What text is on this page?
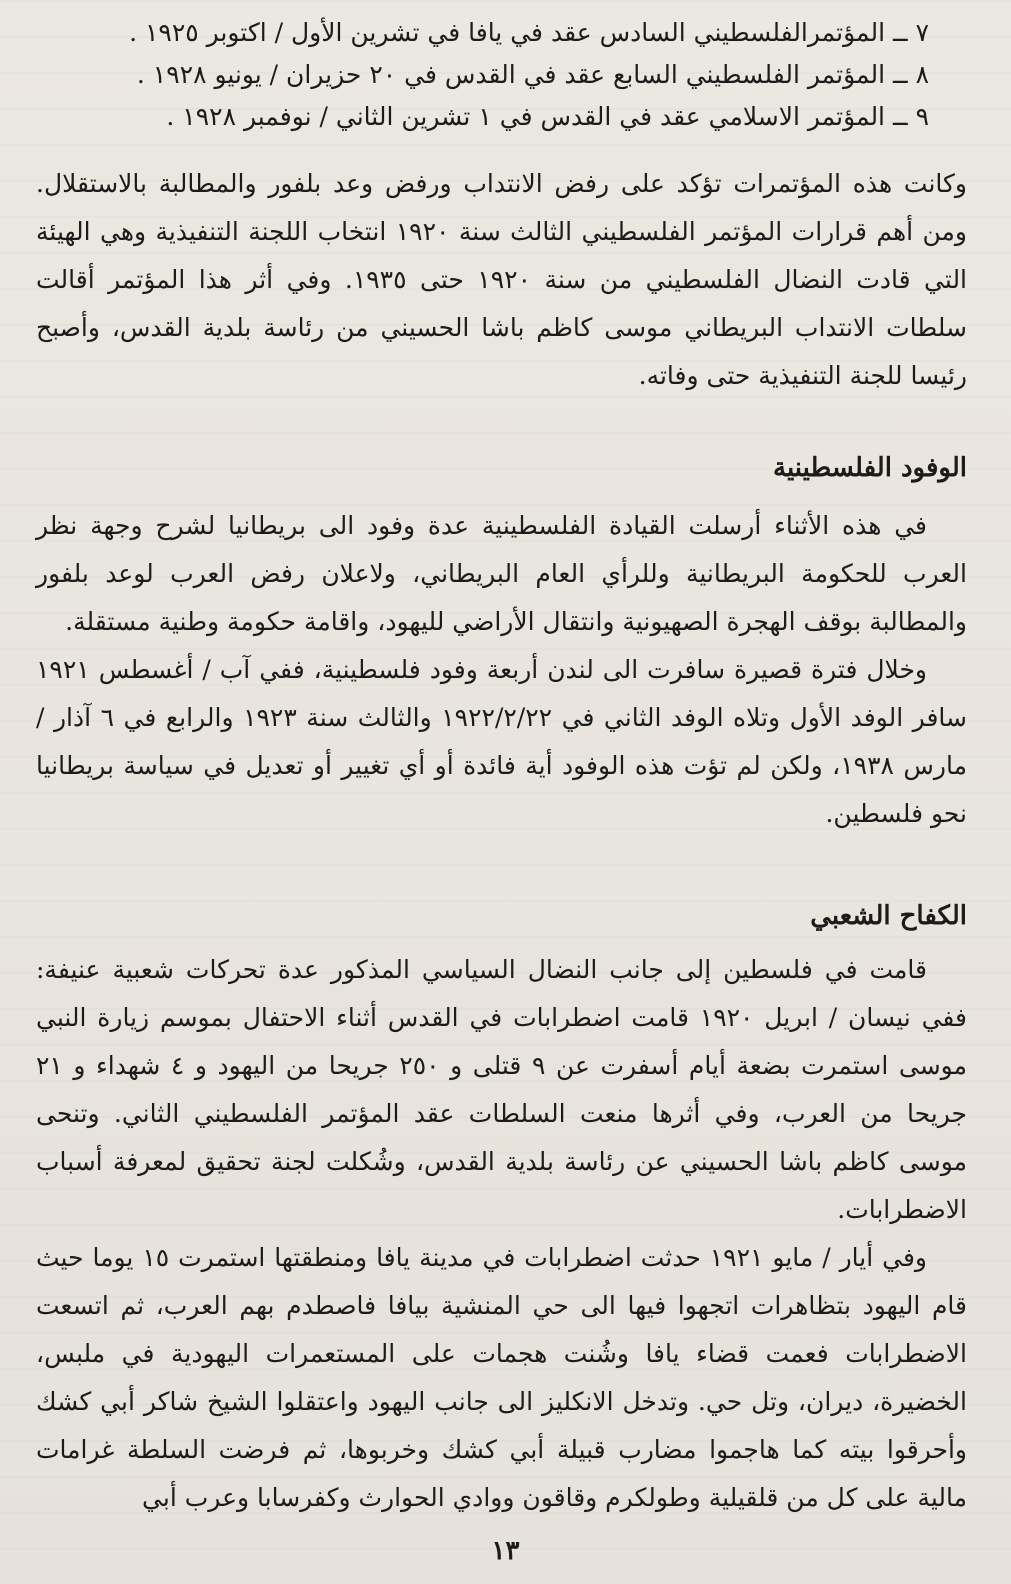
٧ ــ المؤتمرالفلسطيني السادس عقد في يافا في تشرين الأول / اكتوبر ١٩٢٥ .

٨ ــ المؤتمر الفلسطيني السابع عقد في القدس في ٢٠ حزيران / يونيو ١٩٢٨ .

٩ ــ المؤتمر الاسلامي عقد في القدس في ١ تشرين الثاني / نوفمبر ١٩٢٨ .

وكانت هذه المؤتمرات تؤكد على رفض الانتداب ورفض وعد بلفور والمطالبة بالاستقلال. ومن أهم قرارات المؤتمر الفلسطيني الثالث سنة ١٩٢٠ انتخاب اللجنة التنفيذية وهي الهيئة التي قادت النضال الفلسطيني من سنة ١٩٢٠ حتى ١٩٣٥. وفي أثر هذا المؤتمر أقالت سلطات الانتداب البريطاني موسى كاظم باشا الحسيني من رئاسة بلدية القدس، وأصبح رئيسا للجنة التنفيذية حتى وفاته.

الوفود الفلسطينية

في هذه الأثناء أرسلت القيادة الفلسطينية عدة وفود الى بريطانيا لشرح وجهة نظر العرب للحكومة البريطانية وللرأي العام البريطاني، ولاعلان رفض العرب لوعد بلفور والمطالبة بوقف الهجرة الصهيونية وانتقال الأراضي لليهود، واقامة حكومة وطنية مستقلة.

وخلال فترة قصيرة سافرت الى لندن أربعة وفود فلسطينية، ففي آب / أغسطس ١٩٢١ سافر الوفد الأول وتلاه الوفد الثاني في ١٩٢٢/٢/٢٢ والثالث سنة ١٩٢٣ والرابع في ٦ آذار / مارس ١٩٣٨، ولكن لم تؤت هذه الوفود أية فائدة أو أي تغيير أو تعديل في سياسة بريطانيا نحو فلسطين.

الكفاح الشعبي

قامت في فلسطين إلى جانب النضال السياسي المذكور عدة تحركات شعبية عنيفة: ففي نيسان / ابريل ١٩٢٠ قامت اضطرابات في القدس أثناء الاحتفال بموسم زيارة النبي موسى استمرت بضعة أيام أسفرت عن ٩ قتلى و ٢٥٠ جريحا من اليهود و ٤ شهداء و ٢١ جريحا من العرب، وفي أثرها منعت السلطات عقد المؤتمر الفلسطيني الثاني. وتنحى موسى كاظم باشا الحسيني عن رئاسة بلدية القدس، وشُكلت لجنة تحقيق لمعرفة أسباب الاضطرابات.

وفي أيار / مايو ١٩٢١ حدثت اضطرابات في مدينة يافا ومنطقتها استمرت ١٥ يوما حيث قام اليهود بتظاهرات اتجهوا فيها الى حي المنشية بيافا فاصطدم بهم العرب، ثم اتسعت الاضطرابات فعمت قضاء يافا وشُنت هجمات على المستعمرات اليهودية في ملبس، الخضيرة، ديران، وتل حي. وتدخل الانكليز الى جانب اليهود واعتقلوا الشيخ شاكر أبي كشك وأحرقوا بيته كما هاجموا مضارب قبيلة أبي كشك وخربوها، ثم فرضت السلطة غرامات مالية على كل من قلقيلية وطولكرم وقاقون ووادي الحوارث وكفرسابا وعرب أبي

١٣
